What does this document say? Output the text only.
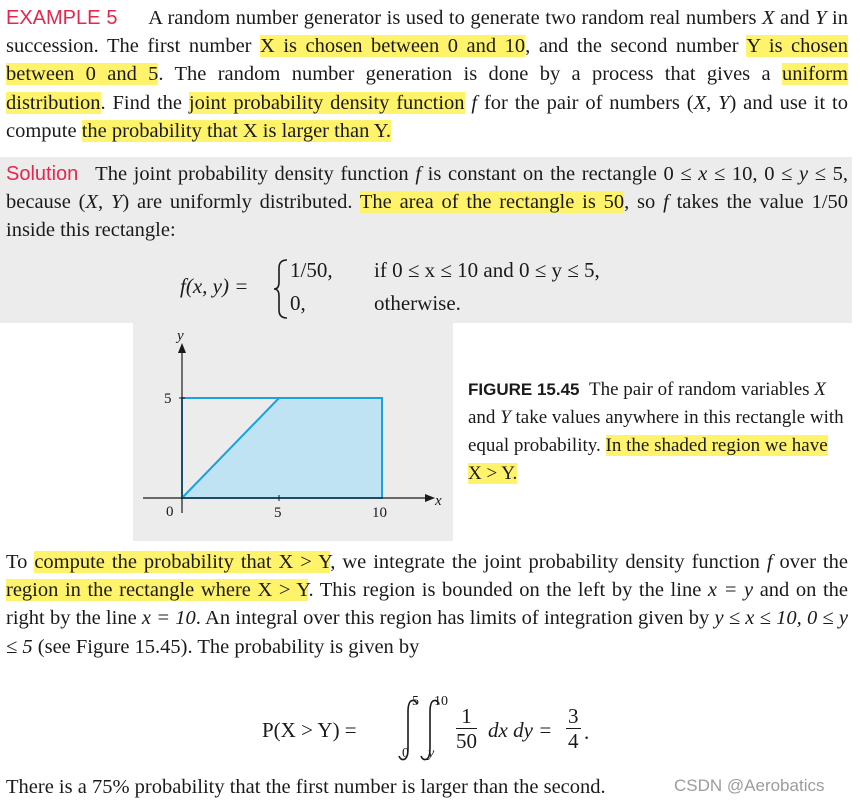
EXAMPLE 5   A random number generator is used to generate two random real numbers X and Y in succession. The first number X is chosen between 0 and 10, and the second number Y is chosen between 0 and 5. The random number generation is done by a process that gives a uniform distribution. Find the joint probability density function f for the pair of numbers (X, Y) and use it to compute the probability that X is larger than Y.

Solution  The joint probability density function f is constant on the rectangle 0 ≤ x ≤ 10, 0 ≤ y ≤ 5, because (X, Y) are uniformly distributed. The area of the rectangle is 50, so f takes the value 1/50 inside this rectangle:

f(x, y) =
1/50, if 0 ≤ x ≤ 10 and 0 ≤ y ≤ 5,
0,	otherwise.
y
x
5
0	5	10
FIGURE 15.45  The pair of random variables X and Y take values anywhere in this rectangle with equal probability. In the shaded region we have X > Y.

To compute the probability that X > Y, we integrate the joint probability density function f over the region in the rectangle where X > Y. This region is bounded on the left by the line x = y and on the right by the line x = 10. An integral over this region has limits of integration given by y ≤ x ≤ 10, 0 ≤ y ≤ 5 (see Figure 15.45). The probability is given by

P(X > Y) =
5
0
10
y
$\frac{1}{50}$ dx dy = $\frac{3}{4}$ .

There is a 75% probability that the first number is larger than the second.	CSDN @Aerobatics
